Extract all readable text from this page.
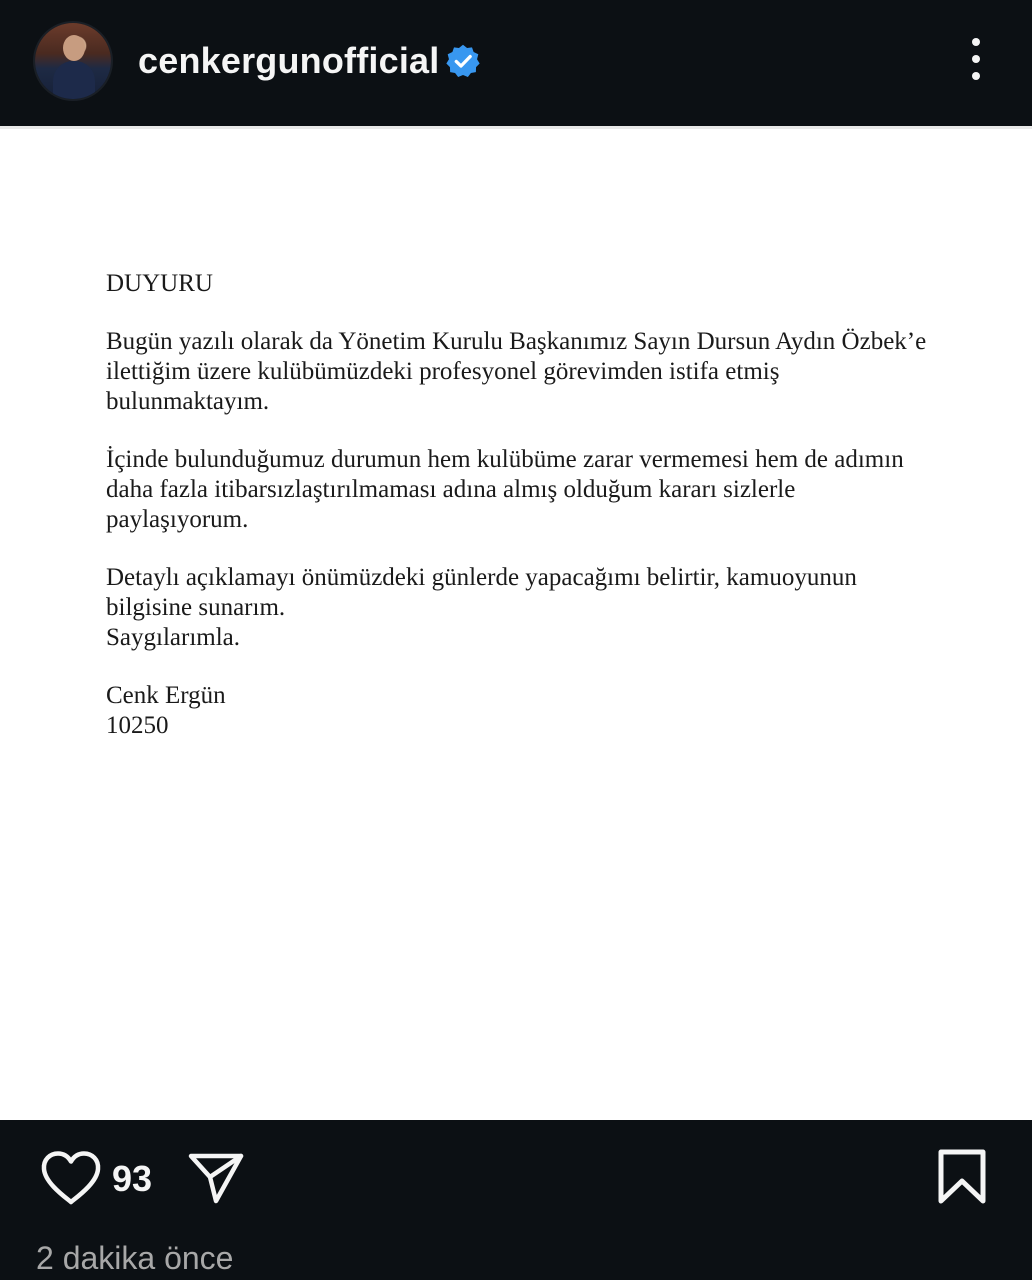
cenkergunofficial

DUYURU

Bugün yazılı olarak da Yönetim Kurulu Başkanımız Sayın Dursun Aydın Özbek’e
ilettiğim üzere kulübümüzdeki profesyonel görevimden istifa etmiş
bulunmaktayım.

İçinde bulunduğumuz durumun hem kulübüme zarar vermemesi hem de adımın
daha fazla itibarsızlaştırılmaması adına almış olduğum kararı sizlerle
paylaşıyorum.

Detaylı açıklamayı önümüzdeki günlerde yapacağımı belirtir, kamuoyunun
bilgisine sunarım.
Saygılarımla.

Cenk Ergün

10250

93
2 dakika önce
